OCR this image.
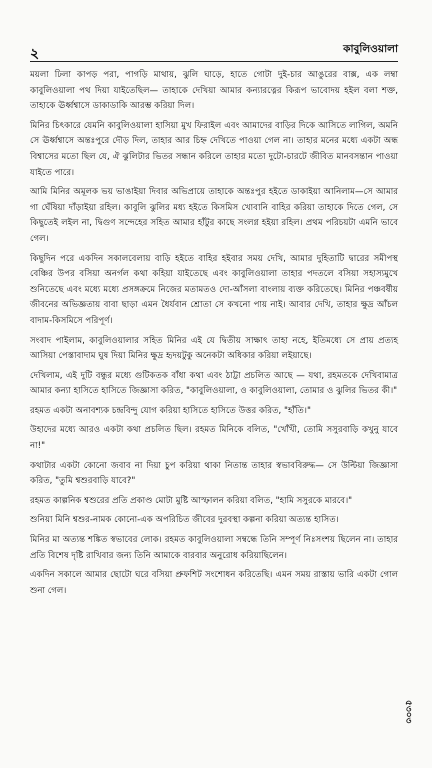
২	কাবুলিওয়ালা

ময়লা ঢিলা কাপড় পরা, পাগড়ি মাথায়, ঝুলি ঘাড়ে, হাতে গোটা দুই-চার আঙুরের বাক্স, এক লম্বা কাবুলিওয়ালা পথ দিয়া যাইতেছিল— তাহাকে দেখিয়া আমার কন্যারত্নের কিরূপ ভাবোদয় হইল বলা শক্ত, তাহাকে ঊর্ধ্বশ্বাসে ডাকাডাকি আরম্ভ করিয়া দিল।

মিনির চিৎকারে যেমনি কাবুলিওয়ালা হাসিয়া মুখ ফিরাইল এবং আমাদের বাড়ির দিকে আসিতে লাগিল, অমনি সে ঊর্ধ্বশ্বাসে অন্তঃপুরে দৌড় দিল, তাহার আর চিহ্ন দেখিতে পাওয়া গেল না। তাহার মনের মধ্যে একটা অন্ধ বিশ্বাসের মতো ছিল যে, ঐ ঝুলিটার ভিতর সন্ধান করিলে তাহার মতো দুটো-চারটে জীবিত মানবসন্তান পাওয়া যাইতে পারে।

আমি মিনির অমূলক ভয় ভাঙাইয়া দিবার অভিপ্রায়ে তাহাকে অন্তঃপুর হইতে ডাকাইয়া আনিলাম—সে আমার গা ঘেঁষিয়া দাঁড়াইয়া রহিল। কাবুলি ঝুলির মধ্য হইতে কিসমিস খোবানি বাহির করিয়া তাহাকে দিতে গেল, সে কিছুতেই লইল না, দ্বিগুণ সন্দেহের সহিত আমার হাঁটুর কাছে সংলগ্ন হইয়া রহিল। প্রথম পরিচয়টা এমনি ভাবে গেল।

কিছুদিন পরে একদিন সকালবেলায় বাড়ি হইতে বাহির হইবার সময় দেখি, আমার দুহিতাটি দ্বারের সমীপস্থ বেঞ্চির উপর বসিয়া অনর্গল কথা কহিয়া যাইতেছে এবং কাবুলিওয়ালা তাহার পদতলে বসিয়া সহাস্যমুখে শুনিতেছে এবং মধ্যে মধ্যে প্রসঙ্গক্রমে নিজের মতামতও দো-আঁসলা বাংলায় ব্যক্ত করিতেছে। মিনির পঞ্চবর্ষীয় জীবনের অভিজ্ঞতায় বাবা ছাড়া এমন ধৈর্যবান শ্রোতা সে কখনো পায় নাই। আবার দেখি, তাহার ক্ষুদ্র আঁচল বাদাম-কিসমিসে পরিপূর্ণ।

সংবাদ পাইলাম, কাবুলিওয়ালার সহিত মিনির এই যে দ্বিতীয় সাক্ষাৎ তাহা নহে, ইতিমধ্যে সে প্রায় প্রত্যহ আসিয়া পেস্তাবাদাম ঘুষ দিয়া মিনির ক্ষুদ্র হৃদয়টুকু অনেকটা অধিকার করিয়া লইয়াছে।

দেখিলাম, এই দুটি বন্ধুর মধ্যে গুটিকতক বাঁধা কথা এবং ঠাট্টা প্রচলিত আছে — যথা, রহমতকে দেখিবামাত্র আমার কন্যা হাসিতে হাসিতে জিজ্ঞাসা করিত, "কাবুলিওয়ালা, ও কাবুলিওয়ালা, তোমার ও ঝুলির ভিতর কী।"

রহমত একটা অনাবশ্যক চন্দ্রবিন্দু যোগ করিয়া হাসিতে হাসিতে উত্তর করিত, "হাঁতি।"

উহাদের মধ্যে আরও একটা কথা প্রচলিত ছিল। রহমত মিনিকে বলিত, "খোঁখী, তোমি সসুরবাড়ি কখুনু যাবে না!"

কথাটার একটা কোনো জবাব না দিয়া চুপ করিয়া থাকা নিতান্ত তাহার স্বভাববিরুদ্ধ— সে উল্টিয়া জিজ্ঞাসা করিত, "তুমি শ্বশুরবাড়ি যাবে?"

রহমত কাল্পনিক শ্বশুরের প্রতি প্রকাণ্ড মোটা মুষ্টি আস্ফালন করিয়া বলিত, "হামি সসুরকে মারবে।"

শুনিয়া মিনি শ্বশুর-নামক কোনো-এক অপরিচিত জীবের দুরবস্থা কল্পনা করিয়া অত্যন্ত হাসিত।

মিনির মা অত্যন্ত শঙ্কিত স্বভাবের লোক। রহমত কাবুলিওয়ালা সম্বন্ধে তিনি সম্পূর্ণ নিঃসংশয় ছিলেন না। তাহার প্রতি বিশেষ দৃষ্টি রাখিবার জন্য তিনি আমাকে বারবার অনুরোধ করিয়াছিলেন।

একদিন সকালে আমার ছোটো ঘরে বসিয়া প্রুফশিট সংশোধন করিতেছি। এমন সময় রাস্তায় ভারি একটা গোল শুনা গেল।

৫৩০৩
